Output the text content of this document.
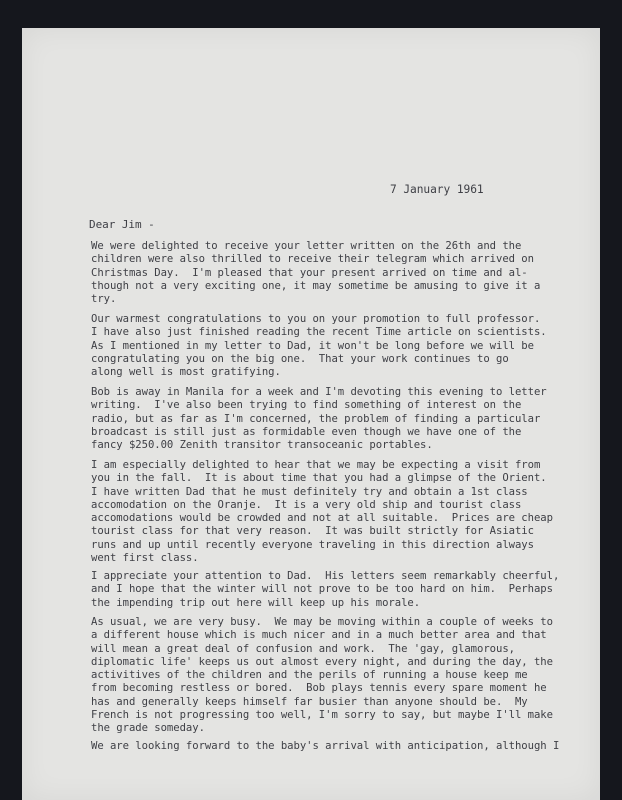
7 January 1961
Dear Jim -
We were delighted to receive your letter written on the 26th and the
children were also thrilled to receive their telegram which arrived on
Christmas Day.  I'm pleased that your present arrived on time and al-
though not a very exciting one, it may sometime be amusing to give it a
try.
Our warmest congratulations to you on your promotion to full professor.
I have also just finished reading the recent Time article on scientists.
As I mentioned in my letter to Dad, it won't be long before we will be
congratulating you on the big one.  That your work continues to go
along well is most gratifying.
Bob is away in Manila for a week and I'm devoting this evening to letter
writing.  I've also been trying to find something of interest on the
radio, but as far as I'm concerned, the problem of finding a particular
broadcast is still just as formidable even though we have one of the
fancy $250.00 Zenith transitor transoceanic portables.
I am especially delighted to hear that we may be expecting a visit from
you in the fall.  It is about time that you had a glimpse of the Orient.
I have written Dad that he must definitely try and obtain a 1st class
accomodation on the Oranje.  It is a very old ship and tourist class
accomodations would be crowded and not at all suitable.  Prices are cheap
tourist class for that very reason.  It was built strictly for Asiatic
runs and up until recently everyone traveling in this direction always
went first class.
I appreciate your attention to Dad.  His letters seem remarkably cheerful,
and I hope that the winter will not prove to be too hard on him.  Perhaps
the impending trip out here will keep up his morale.
As usual, we are very busy.  We may be moving within a couple of weeks to
a different house which is much nicer and in a much better area and that
will mean a great deal of confusion and work.  The 'gay, glamorous,
diplomatic life' keeps us out almost every night, and during the day, the
activitives of the children and the perils of running a house keep me
from becoming restless or bored.  Bob plays tennis every spare moment he
has and generally keeps himself far busier than anyone should be.  My
French is not progressing too well, I'm sorry to say, but maybe I'll make
the grade someday.
We are looking forward to the baby's arrival with anticipation, although I
